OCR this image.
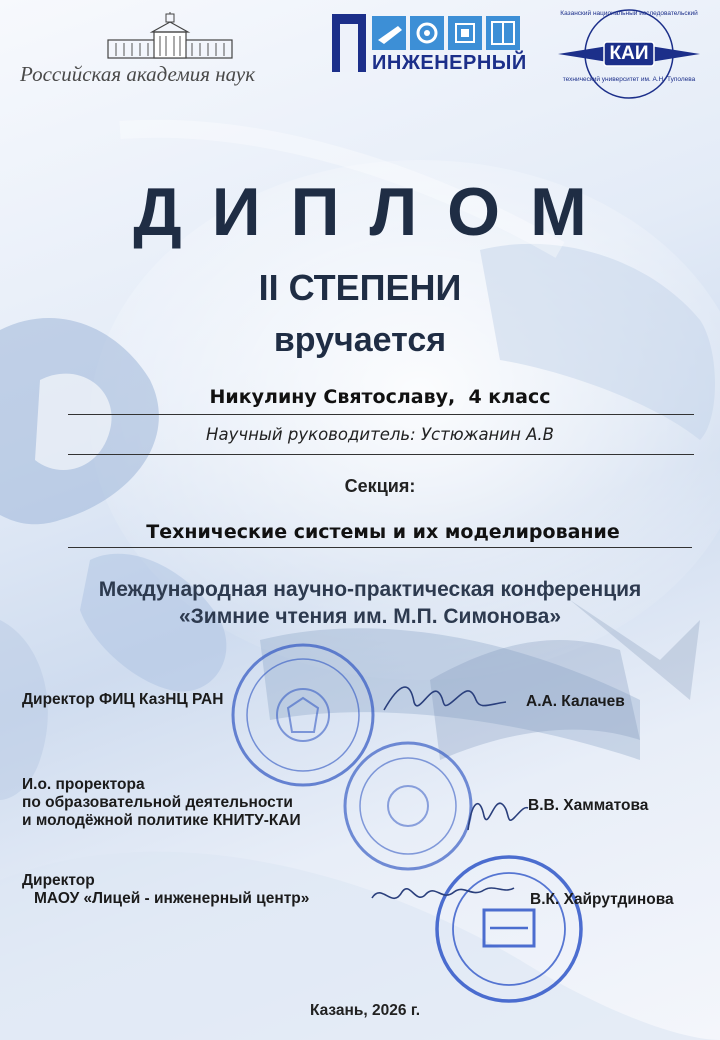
Российская академия наук	ИНЖЕНЕРНЫЙ	КАИ
Казанский национальный исследовательский
технический университет им. А.Н. Туполева
ДИПЛОМ
II СТЕПЕНИ
вручается
Никулину Святославу,  4 класс
Научный руководитель: Устюжанин А.В
Секция:
Технические системы и их моделирование
Международная научно-практическая конференция
«Зимние чтения им. М.П. Симонова»
Директор ФИЦ КазНЦ РАН	А.А. Калачев
И.о. проректора
по образовательной деятельности
и молодёжной политике КНИТУ-КАИ
В.В. Хамматова
Директор
МАОУ «Лицей - инженерный центр»	В.К. Хайрутдинова
Казань, 2026 г.
